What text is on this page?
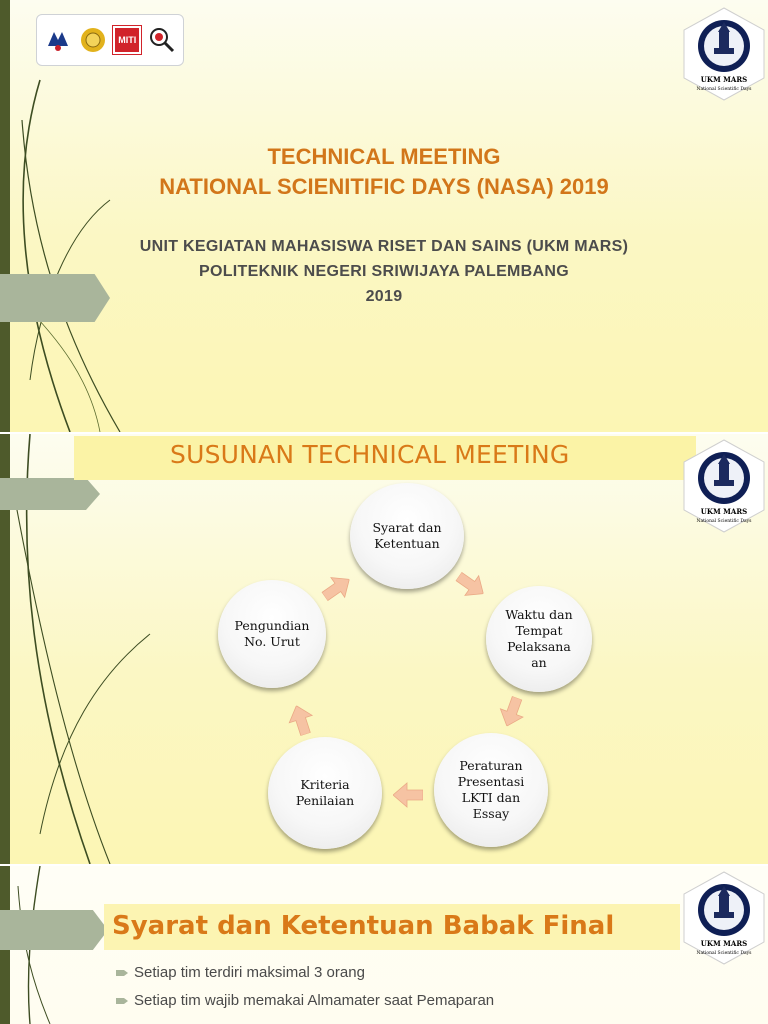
MITI
UKM MARS
National Scientific Days

TECHNICAL MEETING

NATIONAL SCIENITIFIC DAYS (NASA) 2019

UNIT KEGIATAN MAHASISWA RISET DAN SAINS (UKM MARS)

POLITEKNIK NEGERI SRIWIJAYA PALEMBANG

2019

SUSUNAN TECHNICAL MEETING
UKM MARS
National Scientific Days
Syarat dan
Ketentuan
Waktu dan
Tempat
Pelaksana
an
Peraturan
Presentasi
LKTI dan
Essay
Kriteria
Penilaian
Pengundian
No. Urut
Syarat dan Ketentuan Babak Final
UKM MARS
National Scientific Days
Setiap tim terdiri maksimal 3 orang
Setiap tim wajib memakai Almamater saat Pemaparan
